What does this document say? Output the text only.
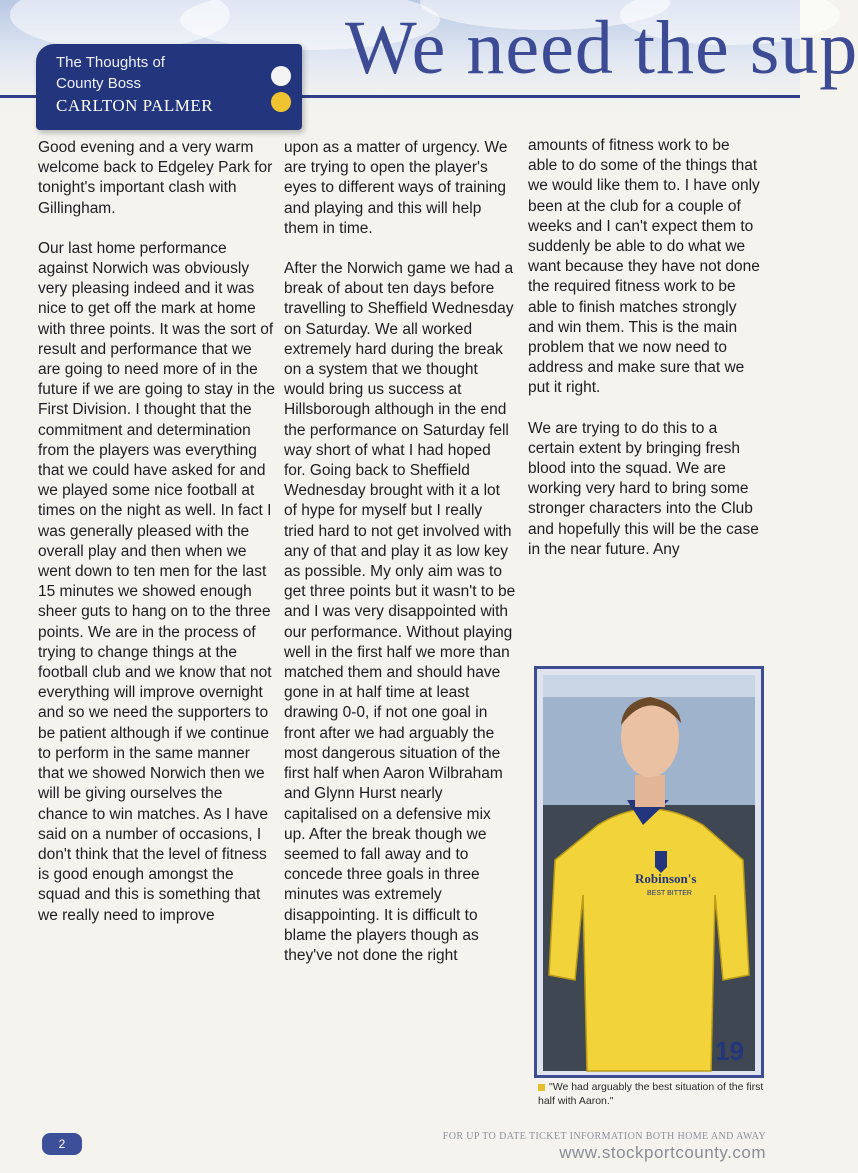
We need the sup
The Thoughts of
County Boss
CARLTON PALMER

Good evening and a very warm welcome back to Edgeley Park for tonight's important clash with Gillingham.

Our last home performance against Norwich was obviously very pleasing indeed and it was nice to get off the mark at home with three points. It was the sort of result and performance that we are going to need more of in the future if we are going to stay in the First Division. I thought that the commitment and determination from the players was everything that we could have asked for and we played some nice football at times on the night as well. In fact I was generally pleased with the overall play and then when we went down to ten men for the last 15 minutes we showed enough sheer guts to hang on to the three points. We are in the process of trying to change things at the football club and we know that not everything will improve overnight and so we need the supporters to be patient although if we continue to perform in the same manner that we showed Norwich then we will be giving ourselves the chance to win matches. As I have said on a number of occasions, I don't think that the level of fitness is good enough amongst the squad and this is something that we really need to improve

upon as a matter of urgency. We are trying to open the player's eyes to different ways of training and playing and this will help them in time.

After the Norwich game we had a break of about ten days before travelling to Sheffield Wednesday on Saturday. We all worked extremely hard during the break on a system that we thought would bring us success at Hillsborough although in the end the performance on Saturday fell way short of what I had hoped for. Going back to Sheffield Wednesday brought with it a lot of hype for myself but I really tried hard to not get involved with any of that and play it as low key as possible. My only aim was to get three points but it wasn't to be and I was very disappointed with our performance. Without playing well in the first half we more than matched them and should have gone in at half time at least drawing 0-0, if not one goal in front after we had arguably the most dangerous situation of the first half when Aaron Wilbraham and Glynn Hurst nearly capitalised on a defensive mix up. After the break though we seemed to fall away and to concede three goals in three minutes was extremely disappointing. It is difficult to blame the players though as they've not done the right

amounts of fitness work to be able to do some of the things that we would like them to. I have only been at the club for a couple of weeks and I can't expect them to suddenly be able to do what we want because they have not done the required fitness work to be able to finish matches strongly and win them. This is the main problem that we now need to address and make sure that we put it right.

We are trying to do this to a certain extent by bringing fresh blood into the squad. We are working very hard to bring some stronger characters into the Club and hopefully this will be the case in the near future. Any

Robinson's
BEST BITTER
19
"We had arguably the best situation of the first half with Aaron."
2
FOR UP TO DATE TICKET INFORMATION BOTH HOME AND AWAY
www.stockportcounty.com
